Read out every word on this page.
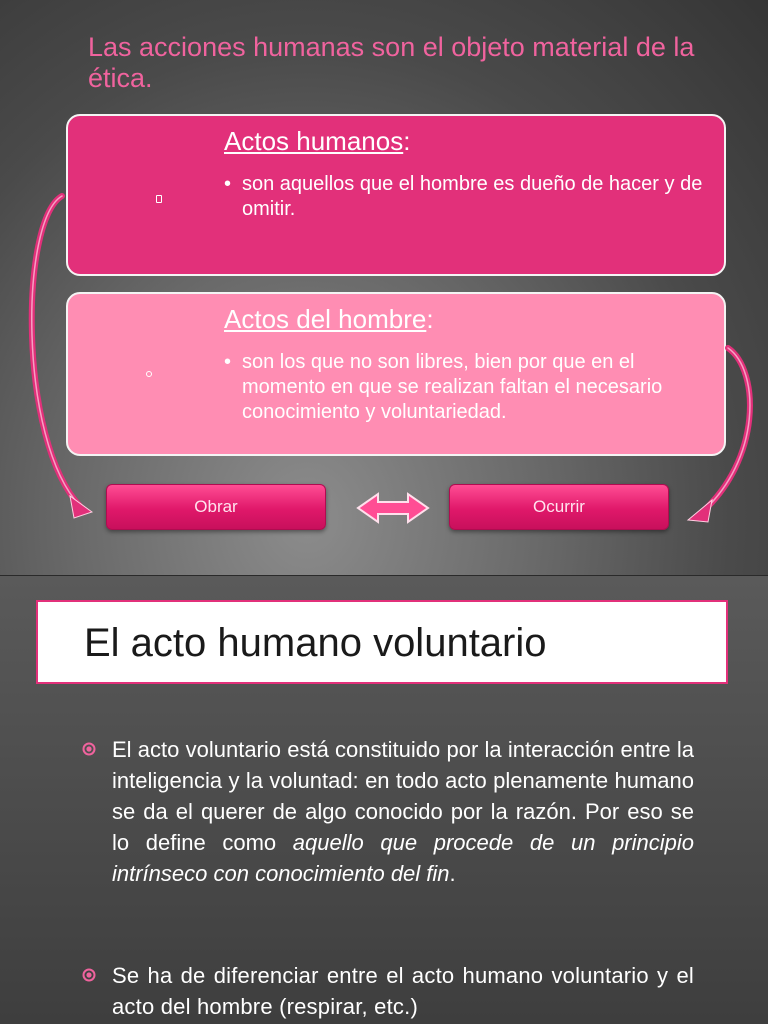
Las acciones humanas son el objeto material de la ética.
Actos humanos:
• son aquellos que el hombre es dueño de hacer y de omitir.
Actos del hombre:
• son los que no son libres, bien por que en el momento en que se realizan faltan el necesario conocimiento y voluntariedad.
Obrar	Ocurrir
El acto humano voluntario
El acto voluntario está constituido por la interacción entre la inteligencia y la voluntad: en todo acto plenamente humano se da el querer de algo conocido por la razón. Por eso se lo define como aquello que procede de un principio intrínseco con conocimiento del fin.
Se ha de diferenciar entre el acto humano voluntario y el acto del hombre (respirar, etc.)
